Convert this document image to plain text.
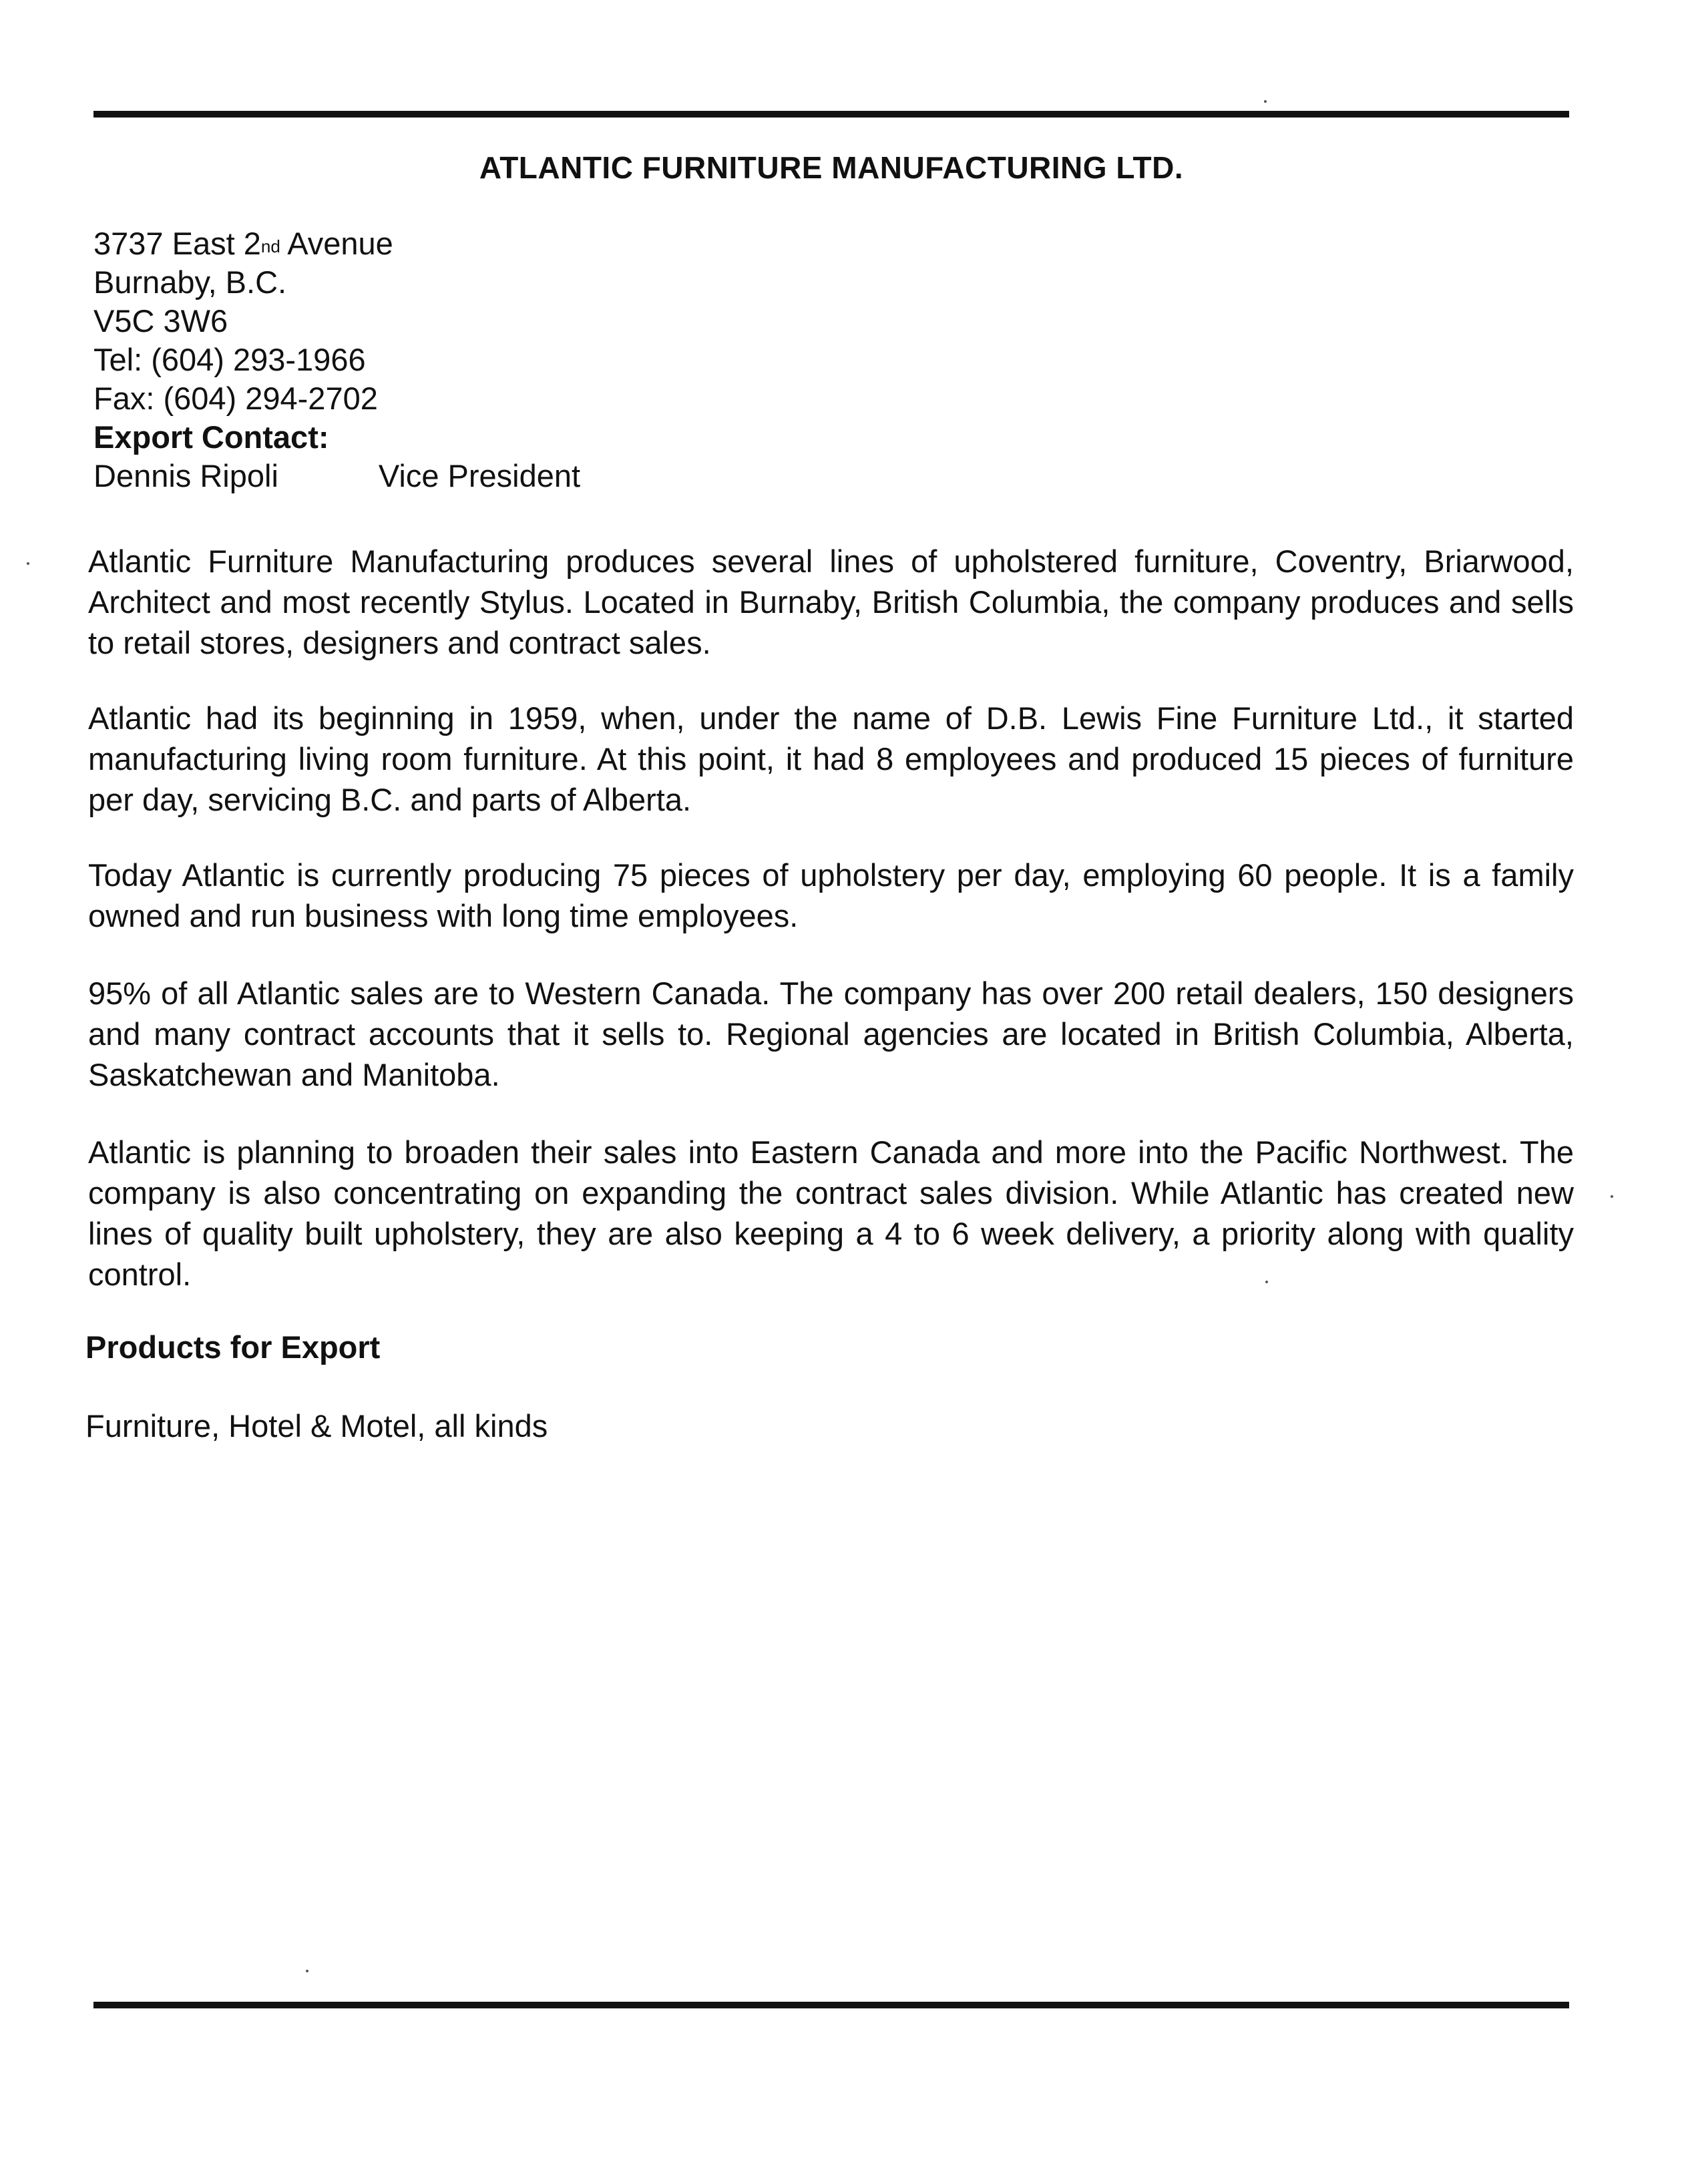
ATLANTIC FURNITURE MANUFACTURING LTD.
3737 East 2nd Avenue
Burnaby, B.C.
V5C 3W6
Tel: (604) 293-1966
Fax: (604) 294-2702
Export Contact:
Dennis Ripoli	Vice President

Atlantic Furniture Manufacturing produces several lines of upholstered furniture, Coventry, Briarwood, Architect and most recently Stylus. Located in Burnaby, British Columbia, the company produces and sells to retail stores, designers and contract sales.

Atlantic had its beginning in 1959, when, under the name of D.B. Lewis Fine Furniture Ltd., it started manufacturing living room furniture. At this point, it had 8 employees and produced 15 pieces of furniture per day, servicing B.C. and parts of Alberta.

Today Atlantic is currently producing 75 pieces of upholstery per day, employing 60 people. It is a family owned and run business with long time employees.

95% of all Atlantic sales are to Western Canada. The company has over 200 retail dealers, 150 designers and many contract accounts that it sells to. Regional agencies are located in British Columbia, Alberta, Saskatchewan and Manitoba.

Atlantic is planning to broaden their sales into Eastern Canada and more into the Pacific Northwest. The company is also concentrating on expanding the contract sales division. While Atlantic has created new lines of quality built upholstery, they are also keeping a 4 to 6 week delivery, a priority along with quality control.

Products for Export
Furniture, Hotel & Motel, all kinds
